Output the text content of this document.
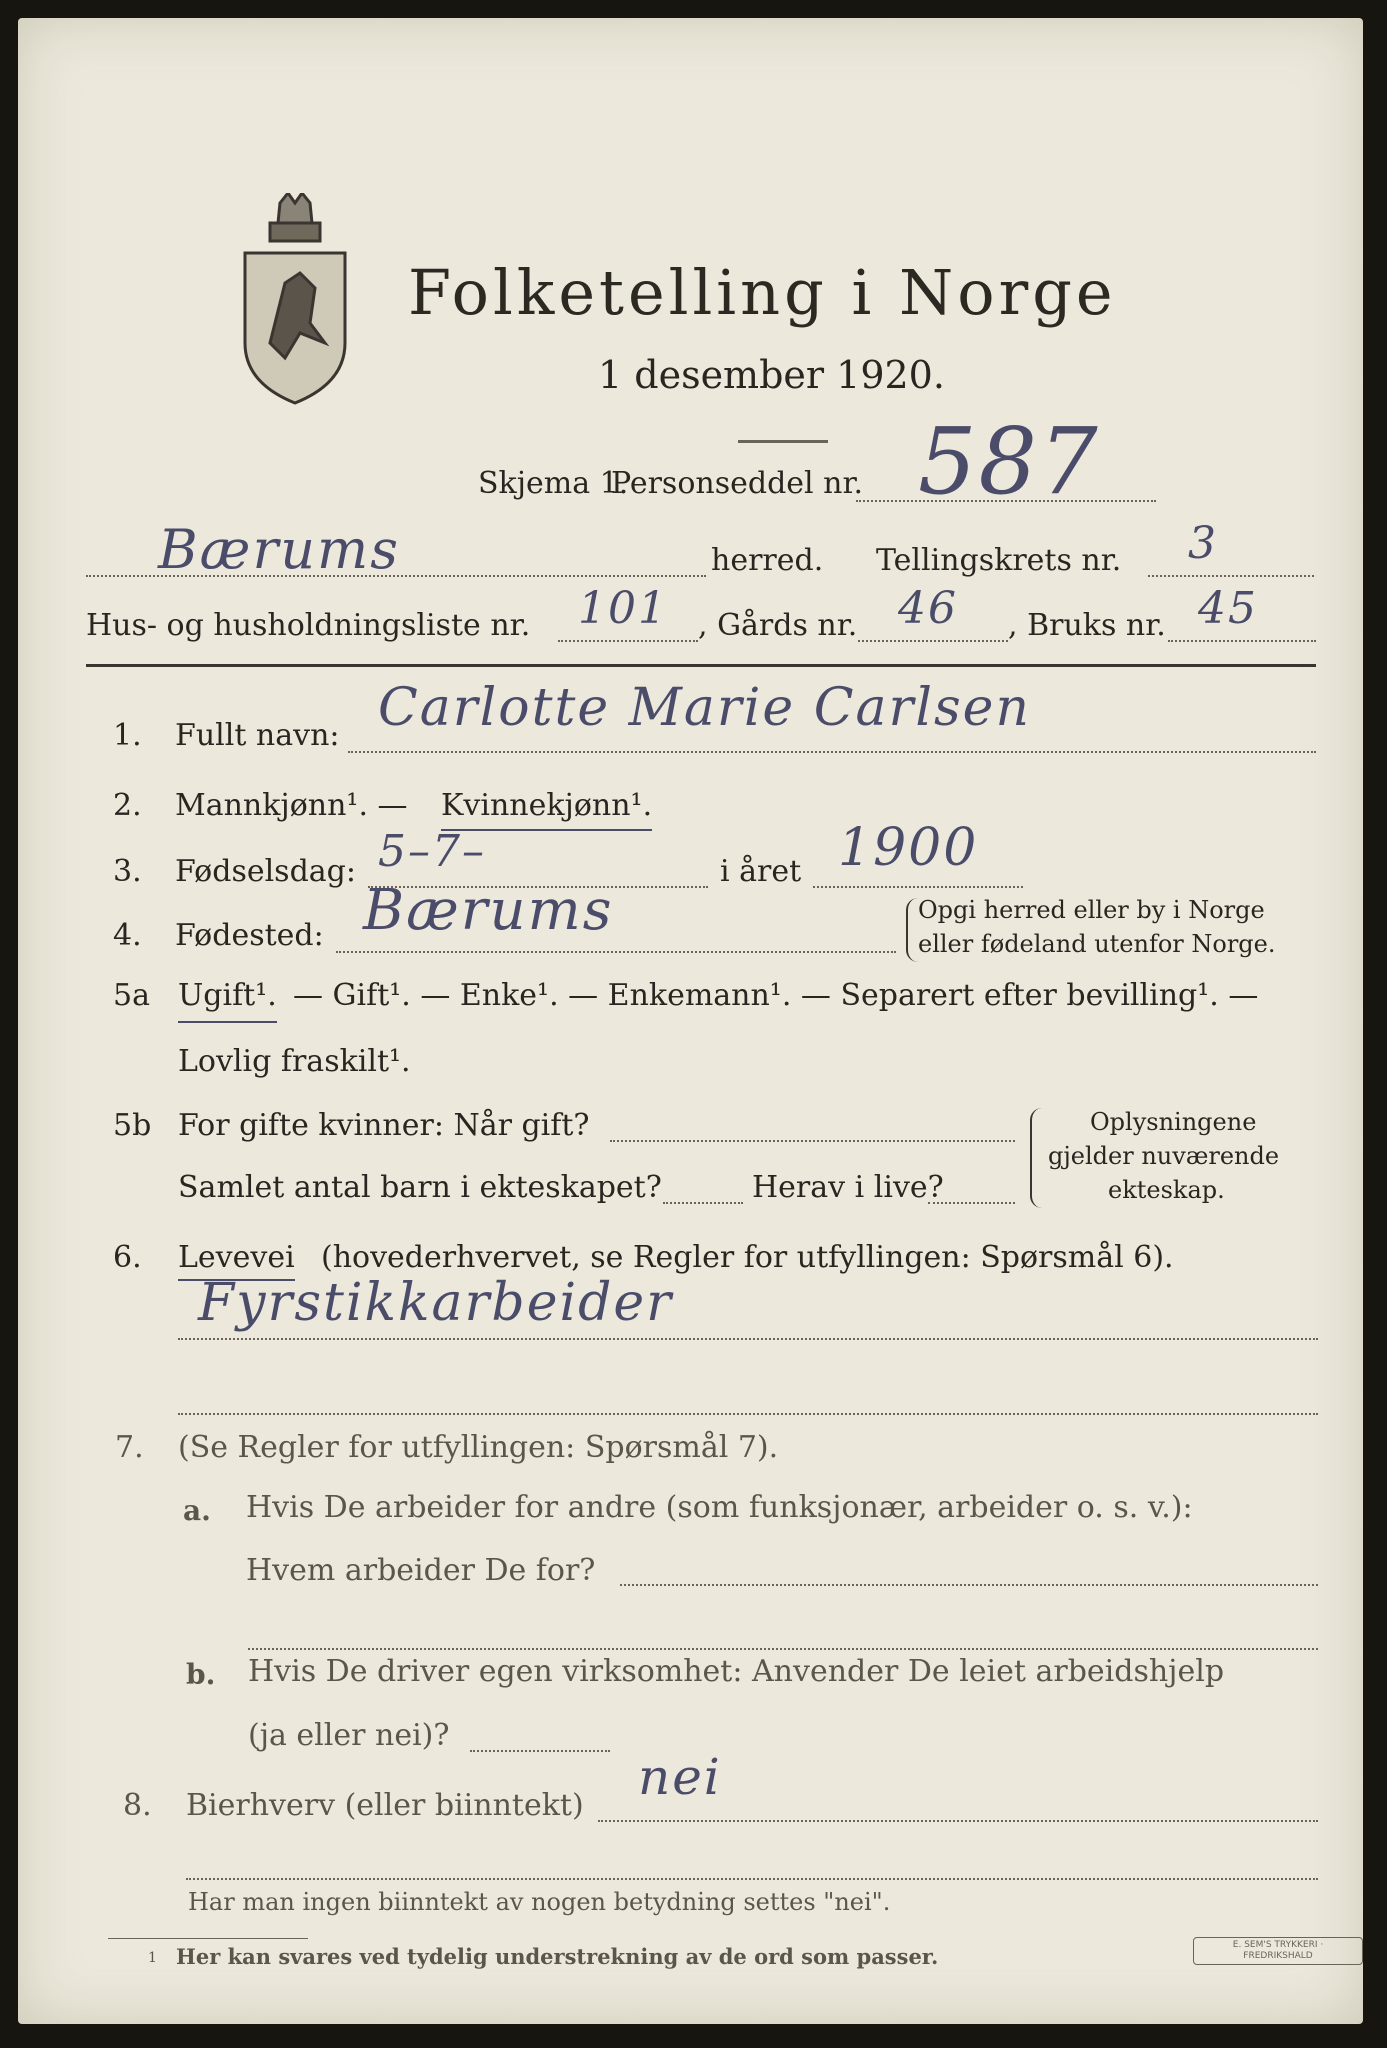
Folketelling i Norge
1 desember 1920.
Skjema 1.
Personseddel nr. 587
Bærums	herred. Tellingskrets nr. 3
Hus- og husholdningsliste nr. 101 , Gårds nr. 46 , Bruks nr. 45
1. Fullt navn: Carlotte Marie Carlsen
2. Mannkjønn¹. — Kvinnekjønn¹.
3. Fødselsdag: 5–7–	i året 1900
4. Fødested: Bærums	Opgi herred eller by i Norge
eller fødeland utenfor Norge.
5a Ugift¹. — Gift¹. — Enke¹. — Enkemann¹. — Separert efter bevilling¹. —
Lovlig fraskilt¹.
5b For gifte kvinner: Når gift?
Samlet antal barn i ekteskapet?	Herav i live?
Oplysningene
gjelder nuværende
ekteskap.
6. Levevei (hovederhvervet, se Regler for utfyllingen: Spørsmål 6).
Fyrstikkarbeider
7. (Se Regler for utfyllingen: Spørsmål 7).
a. Hvis De arbeider for andre (som funksjonær, arbeider o. s. v.):
Hvem arbeider De for?
b. Hvis De driver egen virksomhet: Anvender De leiet arbeidshjelp
(ja eller nei)?
8. Bierhverv (eller biinntekt) nei
Har man ingen biinntekt av nogen betydning settes "nei".
1 Her kan svares ved tydelig understrekning av de ord som passer.	E. SEM'S TRYKKERI · FREDRIKSHALD
